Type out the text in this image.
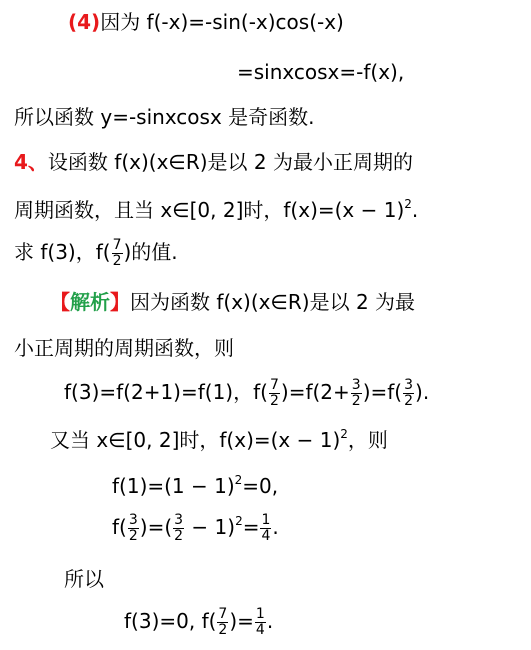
(4)因为 f(-x)=-sin(-x)cos(-x)
=sinxcosx=-f(x),
所以函数 y=-sinxcosx 是奇函数.
4、设函数 f(x)(x∈R)是以 2 为最小正周期的
周期函数，且当 x∈[0, 2]时，$f(x)=(x - 1)^2$.
求 f(3)，$f( \frac{7}{2}$ )的值.
【解析】因为函数 f(x)(x∈R)是以 2 为最
小正周期的周期函数，则
f(3)=f(2+1)=f(1)，$f( \frac{7}{2} )=f(2+ \frac{3}{2} )=f( \frac{3}{2}$ ).
又当 x∈[0, 2]时，$f(x)=(x - 1)^2$，则
$f(1)=(1 - 1)^2=0$,
$f( \frac{3}{2}$ )=( $\frac{3}{2} - 1)^2= \frac{1}{4}$ .
所以
f(3)=0, $f( \frac{7}{2}$ )= $\frac{1}{4}$ .
